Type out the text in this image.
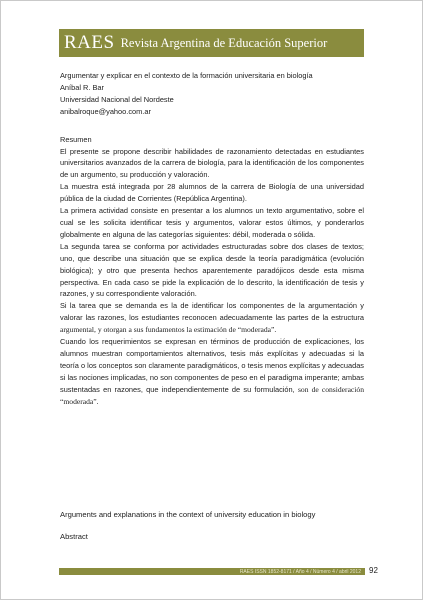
RAES Revista Argentina de Educación Superior

Argumentar y explicar en el contexto de la formación universitaria en biología

Aníbal R. Bar

Universidad Nacional del Nordeste

anibalroque@yahoo.com.ar

Resumen

El presente se propone describir habilidades de razonamiento detectadas en estudiantes universitarios avanzados de la carrera de biología, para la identificación de los componentes de un argumento, su producción y valoración.

La muestra está integrada por 28 alumnos de la carrera de Biología de una universidad pública de la ciudad de Corrientes (República Argentina).

La primera actividad consiste en presentar a los alumnos un texto argumentativo, sobre el cual se les solicita identificar tesis y argumentos, valorar estos últimos, y ponderarlos globalmente en alguna de las categorías siguientes: débil, moderada o sólida.

La segunda tarea se conforma por actividades estructuradas sobre dos clases de textos; uno, que describe una situación que se explica desde la teoría paradigmática (evolución biológica); y otro que presenta hechos aparentemente paradójicos desde esta misma perspectiva. En cada caso se pide la explicación de lo descrito, la identificación de tesis y razones, y su correspondiente valoración.

Si la tarea que se demanda es la de identificar los componentes de la argumentación y valorar las razones, los estudiantes reconocen adecuadamente las partes de la estructura argumental, y otorgan a sus fundamentos la estimación de “moderada”.

Cuando los requerimientos se expresan en términos de producción de explicaciones, los alumnos muestran comportamientos alternativos, tesis más explícitas y adecuadas si la teoría o los conceptos son claramente paradigmáticos, o tesis menos explícitas y adecuadas si las nociones implicadas, no son componentes de peso en el paradigma imperante; ambas sustentadas en razones, que independientemente de su formulación, son de consideración “moderada”.

Arguments and explanations in the context of university education in biology
Abstract
RAES ISSN 1852-8171 / Año 4 / Número 4 / abril 2012 92
